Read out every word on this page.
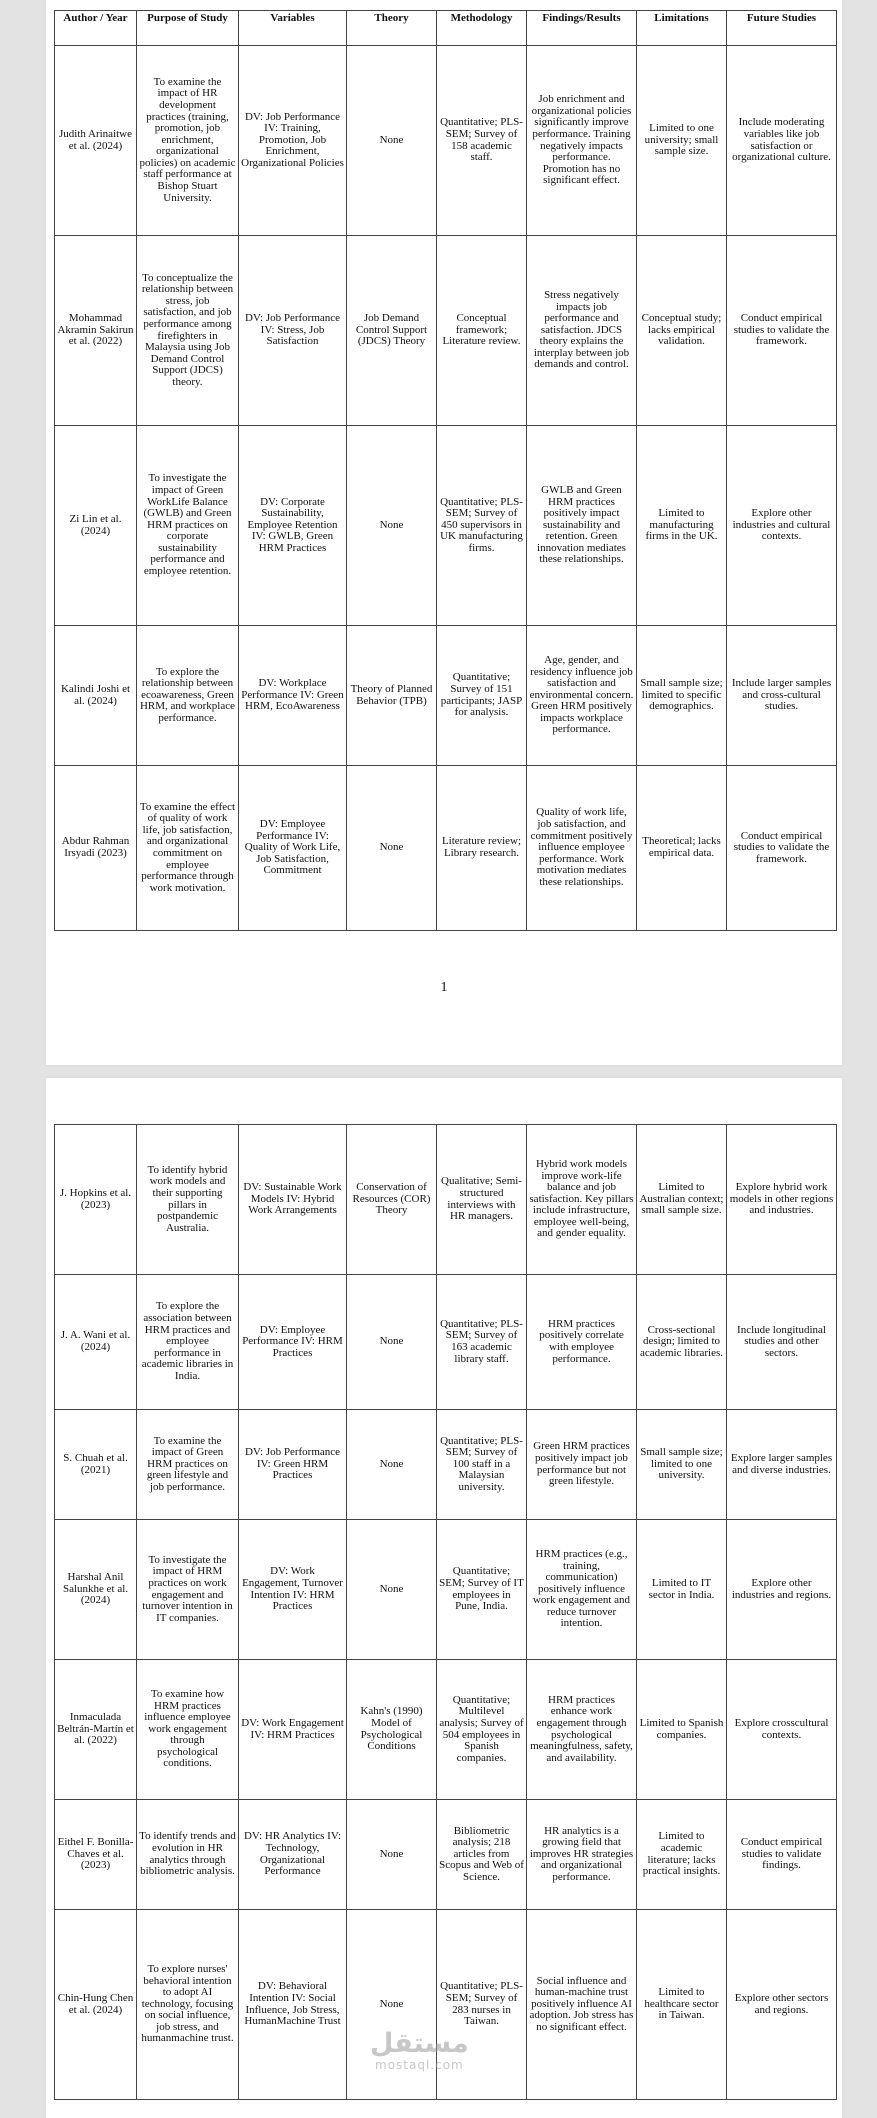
Author / Year	Purpose of Study	Variables	Theory	Methodology	Findings/Results	Limitations	Future Studies
Judith Arinaitwe et al. (2024)	To examine the impact of HR development practices (training, promotion, job enrichment, organizational policies) on academic staff performance at Bishop Stuart University.	DV: Job Performance IV: Training, Promotion, Job Enrichment, Organizational Policies	None	Quantitative; PLS-SEM; Survey of 158 academic staff.	Job enrichment and organizational policies significantly improve performance. Training negatively impacts performance. Promotion has no significant effect.	Limited to one university; small sample size.	Include moderating variables like job satisfaction or organizational culture.
Mohammad Akramin Sakirun et al. (2022)	To conceptualize the relationship between stress, job satisfaction, and job performance among firefighters in Malaysia using Job Demand Control Support (JDCS) theory.	DV: Job Performance IV: Stress, Job Satisfaction	Job Demand Control Support (JDCS) Theory	Conceptual framework; Literature review.	Stress negatively impacts job performance and satisfaction. JDCS theory explains the interplay between job demands and control.	Conceptual study; lacks empirical validation.	Conduct empirical studies to validate the framework.
Zi Lin et al. (2024)	To investigate the impact of Green WorkLife Balance (GWLB) and Green HRM practices on corporate sustainability performance and employee retention.	DV: Corporate Sustainability, Employee Retention IV: GWLB, Green HRM Practices	None	Quantitative; PLS-SEM; Survey of 450 supervisors in UK manufacturing firms.	GWLB and Green HRM practices positively impact sustainability and retention. Green innovation mediates these relationships.	Limited to manufacturing firms in the UK.	Explore other industries and cultural contexts.
Kalindi Joshi et al. (2024)	To explore the relationship between ecoawareness, Green HRM, and workplace performance.	DV: Workplace Performance IV: Green HRM, EcoAwareness	Theory of Planned Behavior (TPB)	Quantitative; Survey of 151 participants; JASP for analysis.	Age, gender, and residency influence job satisfaction and environmental concern. Green HRM positively impacts workplace performance.	Small sample size; limited to specific demographics.	Include larger samples and cross-cultural studies.
Abdur Rahman Irsyadi (2023)	To examine the effect of quality of work life, job satisfaction, and organizational commitment on employee performance through work motivation.	DV: Employee Performance IV: Quality of Work Life, Job Satisfaction, Commitment	None	Literature review; Library research.	Quality of work life, job satisfaction, and commitment positively influence employee performance. Work motivation mediates these relationships.	Theoretical; lacks empirical data.	Conduct empirical studies to validate the framework.
1
J. Hopkins et al. (2023)	To identify hybrid work models and their supporting pillars in postpandemic Australia.	DV: Sustainable Work Models IV: Hybrid Work Arrangements	Conservation of Resources (COR) Theory	Qualitative; Semi-structured interviews with HR managers.	Hybrid work models improve work-life balance and job satisfaction. Key pillars include infrastructure, employee well-being, and gender equality.	Limited to Australian context; small sample size.	Explore hybrid work models in other regions and industries.
J. A. Wani et al. (2024)	To explore the association between HRM practices and employee performance in academic libraries in India.	DV: Employee Performance IV: HRM Practices	None	Quantitative; PLS-SEM; Survey of 163 academic library staff.	HRM practices positively correlate with employee performance.	Cross-sectional design; limited to academic libraries.	Include longitudinal studies and other sectors.
S. Chuah et al. (2021)	To examine the impact of Green HRM practices on green lifestyle and job performance.	DV: Job Performance IV: Green HRM Practices	None	Quantitative; PLS-SEM; Survey of 100 staff in a Malaysian university.	Green HRM practices positively impact job performance but not green lifestyle.	Small sample size; limited to one university.	Explore larger samples and diverse industries.
Harshal Anil Salunkhe et al. (2024)	To investigate the impact of HRM practices on work engagement and turnover intention in IT companies.	DV: Work Engagement, Turnover Intention IV: HRM Practices	None	Quantitative; SEM; Survey of IT employees in Pune, India.	HRM practices (e.g., training, communication) positively influence work engagement and reduce turnover intention.	Limited to IT sector in India.	Explore other industries and regions.
Inmaculada Beltrán-Martín et al. (2022)	To examine how HRM practices influence employee work engagement through psychological conditions.	DV: Work Engagement IV: HRM Practices	Kahn's (1990) Model of Psychological Conditions	Quantitative; Multilevel analysis; Survey of 504 employees in Spanish companies.	HRM practices enhance work engagement through psychological meaningfulness, safety, and availability.	Limited to Spanish companies.	Explore crosscultural contexts.
Eithel F. Bonilla-Chaves et al. (2023)	To identify trends and evolution in HR analytics through bibliometric analysis.	DV: HR Analytics IV: Technology, Organizational Performance	None	Bibliometric analysis; 218 articles from Scopus and Web of Science.	HR analytics is a growing field that improves HR strategies and organizational performance.	Limited to academic literature; lacks practical insights.	Conduct empirical studies to validate findings.
Chin-Hung Chen et al. (2024)	To explore nurses' behavioral intention to adopt AI technology, focusing on social influence, job stress, and humanmachine trust.	DV: Behavioral Intention IV: Social Influence, Job Stress, HumanMachine Trust	None	Quantitative; PLS-SEM; Survey of 283 nurses in Taiwan.	Social influence and human-machine trust positively influence AI adoption. Job stress has no significant effect.	Limited to healthcare sector in Taiwan.	Explore other sectors and regions.
مستقل
mostaql.com
